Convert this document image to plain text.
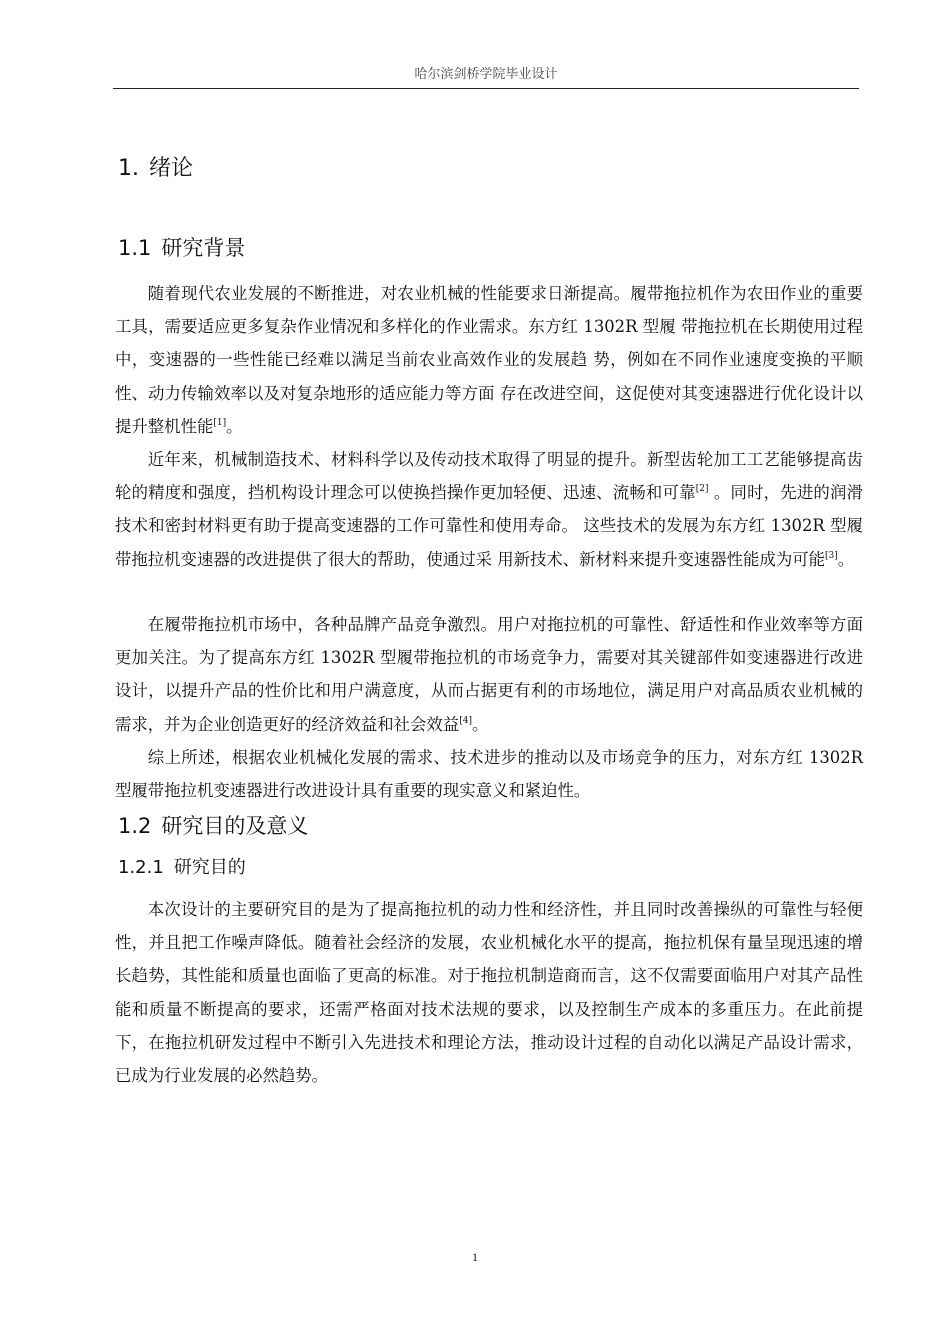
哈尔滨剑桥学院毕业设计
1. 绪论
1.1 研究背景

随着现代农业发展的不断推进，对农业机械的性能要求日渐提高。履带拖拉机作为农田作业的重要工具，需要适应更多复杂作业情况和多样化的作业需求。东方红 1302R 型履 带拖拉机在长期使用过程中，变速器的一些性能已经难以满足当前农业高效作业的发展趋 势，例如在不同作业速度变换的平顺性、动力传输效率以及对复杂地形的适应能力等方面 存在改进空间，这促使对其变速器进行优化设计以提升整机性能[1]。

近年来，机械制造技术、材料科学以及传动技术取得了明显的提升。新型齿轮加工工艺能够提高齿轮的精度和强度，挡机构设计理念可以使换挡操作更加轻便、迅速、流畅和可靠[2] 。同时，先进的润滑技术和密封材料更有助于提高变速器的工作可靠性和使用寿命。 这些技术的发展为东方红 1302R 型履带拖拉机变速器的改进提供了很大的帮助，使通过采 用新技术、新材料来提升变速器性能成为可能[3]。

在履带拖拉机市场中，各种品牌产品竞争激烈。用户对拖拉机的可靠性、舒适性和作业效率等方面更加关注。为了提高东方红 1302R 型履带拖拉机的市场竞争力，需要对其关键部件如变速器进行改进设计，以提升产品的性价比和用户满意度，从而占据更有利的市场地位，满足用户对高品质农业机械的需求，并为企业创造更好的经济效益和社会效益[4]。

综上所述，根据农业机械化发展的需求、技术进步的推动以及市场竞争的压力，对东方红 1302R 型履带拖拉机变速器进行改进设计具有重要的现实意义和紧迫性。

1.2 研究目的及意义
1.2.1 研究目的

本次设计的主要研究目的是为了提高拖拉机的动力性和经济性，并且同时改善操纵的可靠性与轻便性，并且把工作噪声降低。随着社会经济的发展，农业机械化水平的提高，拖拉机保有量呈现迅速的增长趋势，其性能和质量也面临了更高的标准。对于拖拉机制造商而言，这不仅需要面临用户对其产品性能和质量不断提高的要求，还需严格面对技术法规的要求，以及控制生产成本的多重压力。在此前提下，在拖拉机研发过程中不断引入先进技术和理论方法，推动设计过程的自动化以满足产品设计需求，已成为行业发展的必然趋势。

1
